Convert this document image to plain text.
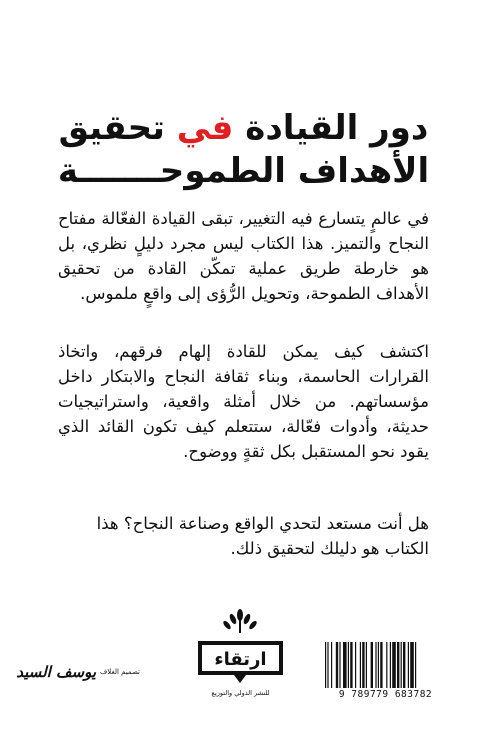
دور القيادة في تحقيق

الأهداف الطموحـــــــة

في عالمٍ يتسارع فيه التغيير، تبقى القيادة الفعّالة مفتاح النجاح والتميز. هذا الكتاب ليس مجرد دليلٍ نظري، بل هو خارطة طريق عملية تمكّن القادة من تحقيق الأهداف الطموحة، وتحويل الرُّؤى إلى واقعٍ ملموس.

اكتشف كيف يمكن للقادة إلهام فرقهم، واتخاذ القرارات الحاسمة، وبناء ثقافة النجاح والابتكار داخل مؤسساتهم. من خلال أمثلة واقعية، واستراتيجيات حديثة، وأدوات فعّالة، ستتعلم كيف تكون القائد الذي يقود نحو المستقبل بكل ثقةٍ ووضوح.

هل أنت مستعد لتحدي الواقع وصناعة النجاح؟ هذا الكتاب هو دليلك لتحقيق ذلك.

تصميم الغلاف
يوسف السيد
ارتقاء
للنشر الدولي والتوزيع	9 789779 683782
